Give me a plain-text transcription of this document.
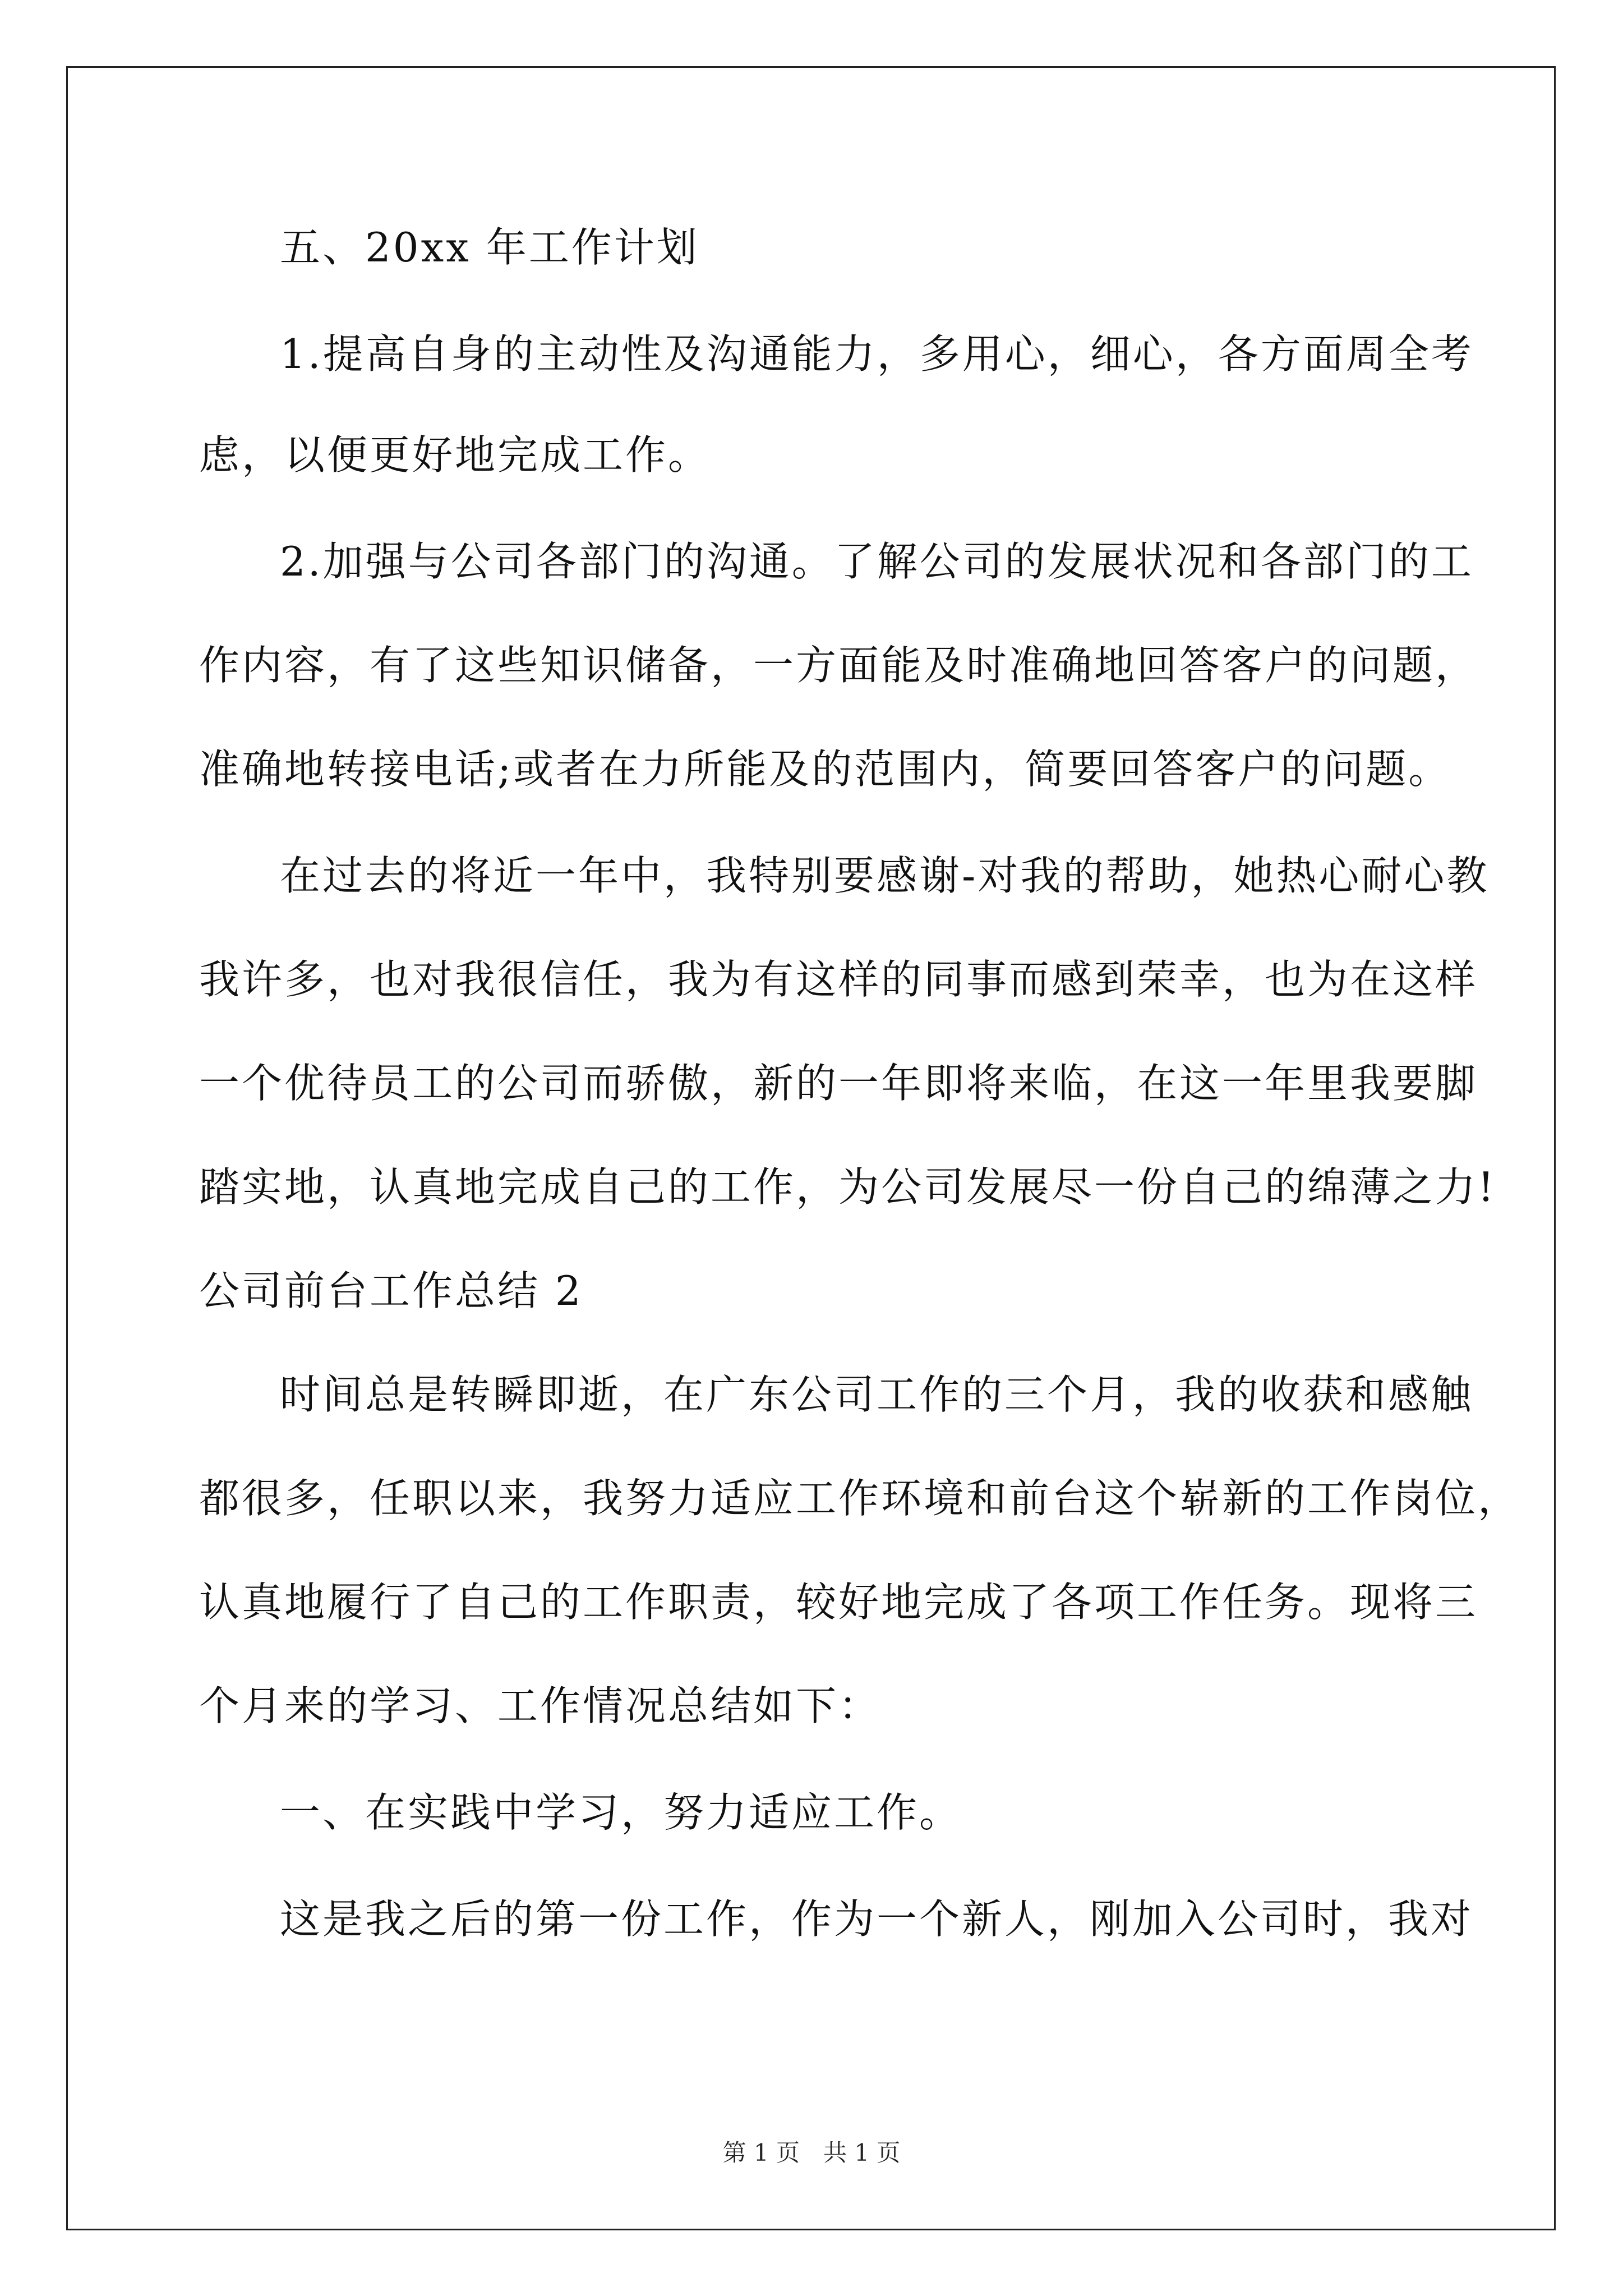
五、20xx 年工作计划
1.提高自身的主动性及沟通能力，多用心，细心，各方面周全考
虑，以便更好地完成工作。
2.加强与公司各部门的沟通。了解公司的发展状况和各部门的工
作内容，有了这些知识储备，一方面能及时准确地回答客户的问题，
准确地转接电话;或者在力所能及的范围内，简要回答客户的问题。
在过去的将近一年中，我特别要感谢-对我的帮助，她热心耐心教
我许多，也对我很信任，我为有这样的同事而感到荣幸，也为在这样
一个优待员工的公司而骄傲，新的一年即将来临，在这一年里我要脚
踏实地，认真地完成自己的工作，为公司发展尽一份自己的绵薄之力!
公司前台工作总结 2
时间总是转瞬即逝，在广东公司工作的三个月，我的收获和感触
都很多，任职以来，我努力适应工作环境和前台这个崭新的工作岗位，
认真地履行了自己的工作职责，较好地完成了各项工作任务。现将三
个月来的学习、工作情况总结如下：
一、在实践中学习，努力适应工作。
这是我之后的第一份工作，作为一个新人，刚加入公司时，我对
第 1 页　共 1 页
